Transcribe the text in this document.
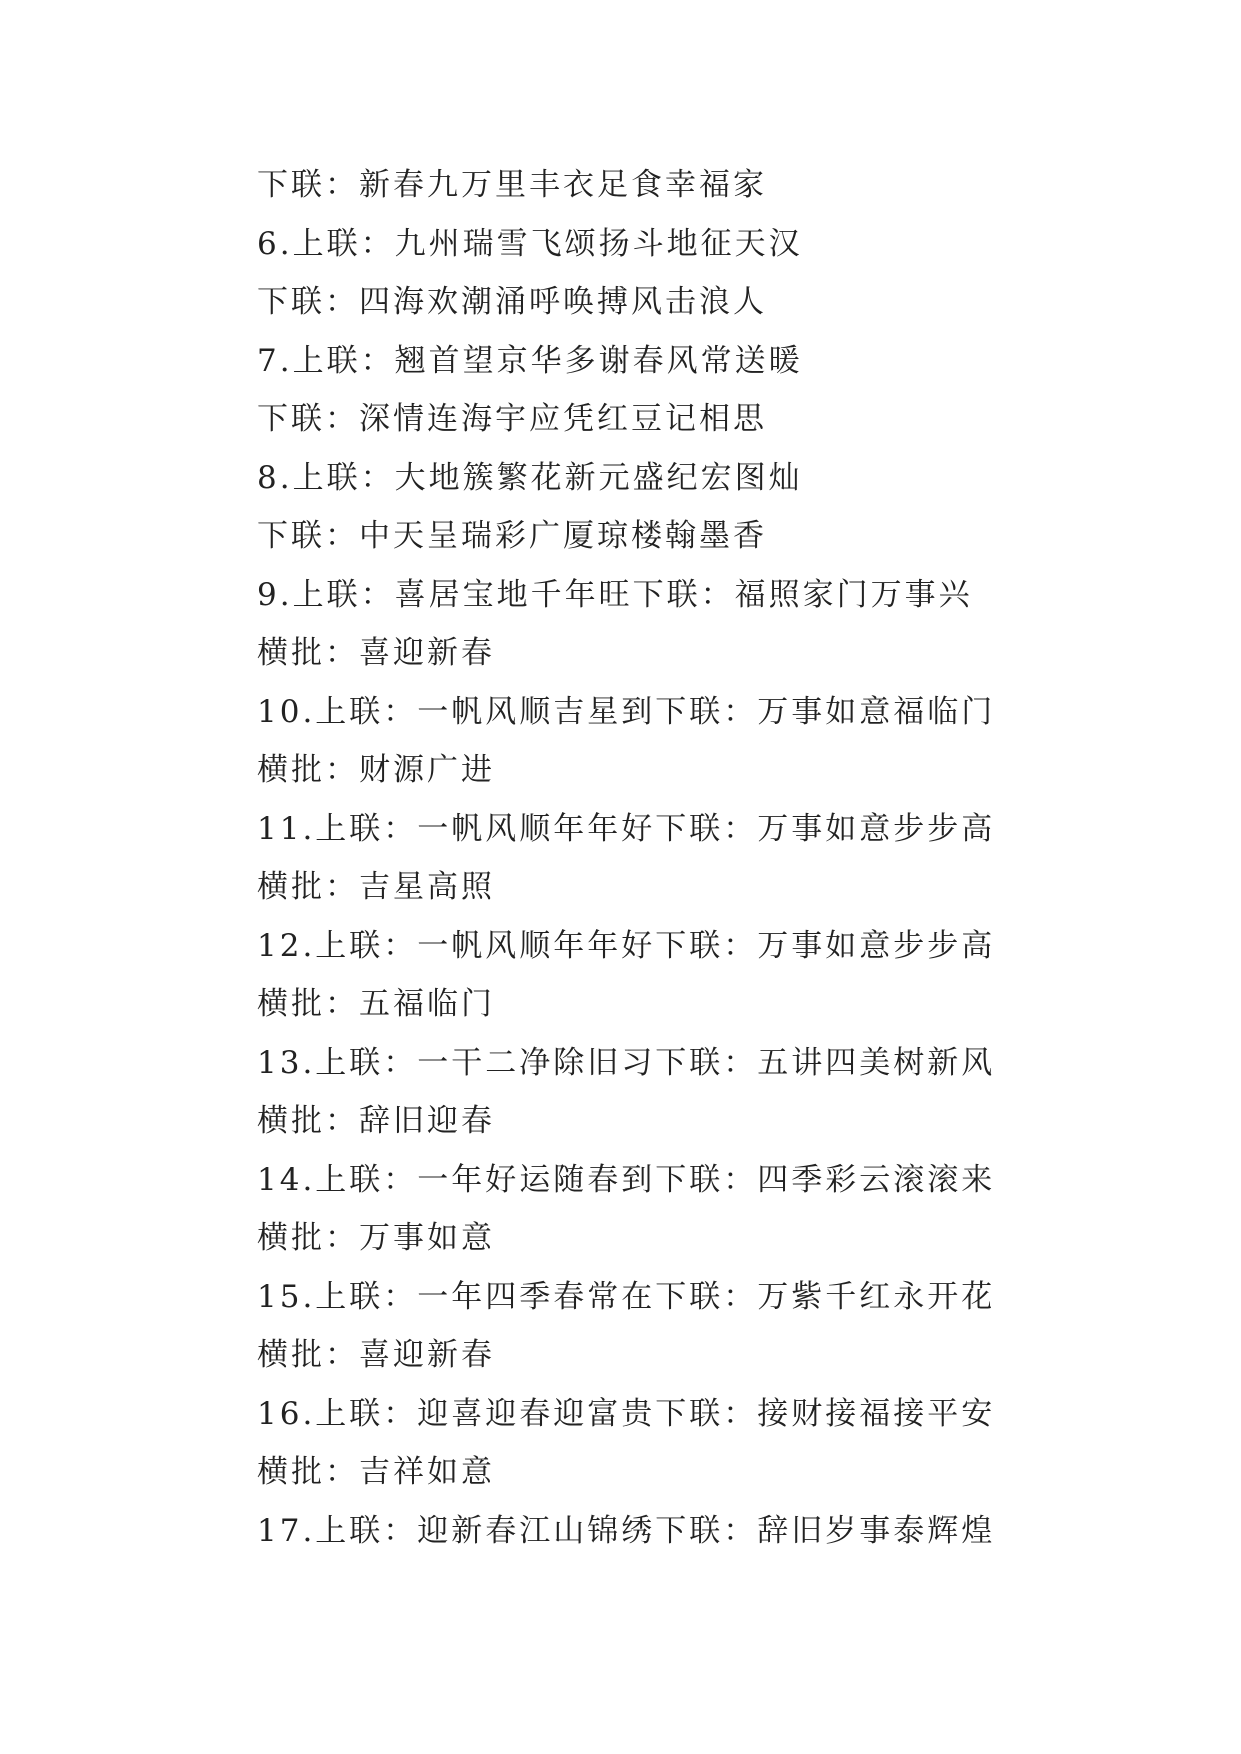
下联：新春九万里丰衣足食幸福家
6.上联：九州瑞雪飞颂扬斗地征天汉
下联：四海欢潮涌呼唤搏风击浪人
7.上联：翘首望京华多谢春风常送暖
下联：深情连海宇应凭红豆记相思
8.上联：大地簇繁花新元盛纪宏图灿
下联：中天呈瑞彩广厦琼楼翰墨香
9.上联：喜居宝地千年旺下联：福照家门万事兴
横批：喜迎新春
10.上联：一帆风顺吉星到下联：万事如意福临门
横批：财源广进
11.上联：一帆风顺年年好下联：万事如意步步高
横批：吉星高照
12.上联：一帆风顺年年好下联：万事如意步步高
横批：五福临门
13.上联：一干二净除旧习下联：五讲四美树新风
横批：辞旧迎春
14.上联：一年好运随春到下联：四季彩云滚滚来
横批：万事如意
15.上联：一年四季春常在下联：万紫千红永开花
横批：喜迎新春
16.上联：迎喜迎春迎富贵下联：接财接福接平安
横批：吉祥如意
17.上联：迎新春江山锦绣下联：辞旧岁事泰辉煌
